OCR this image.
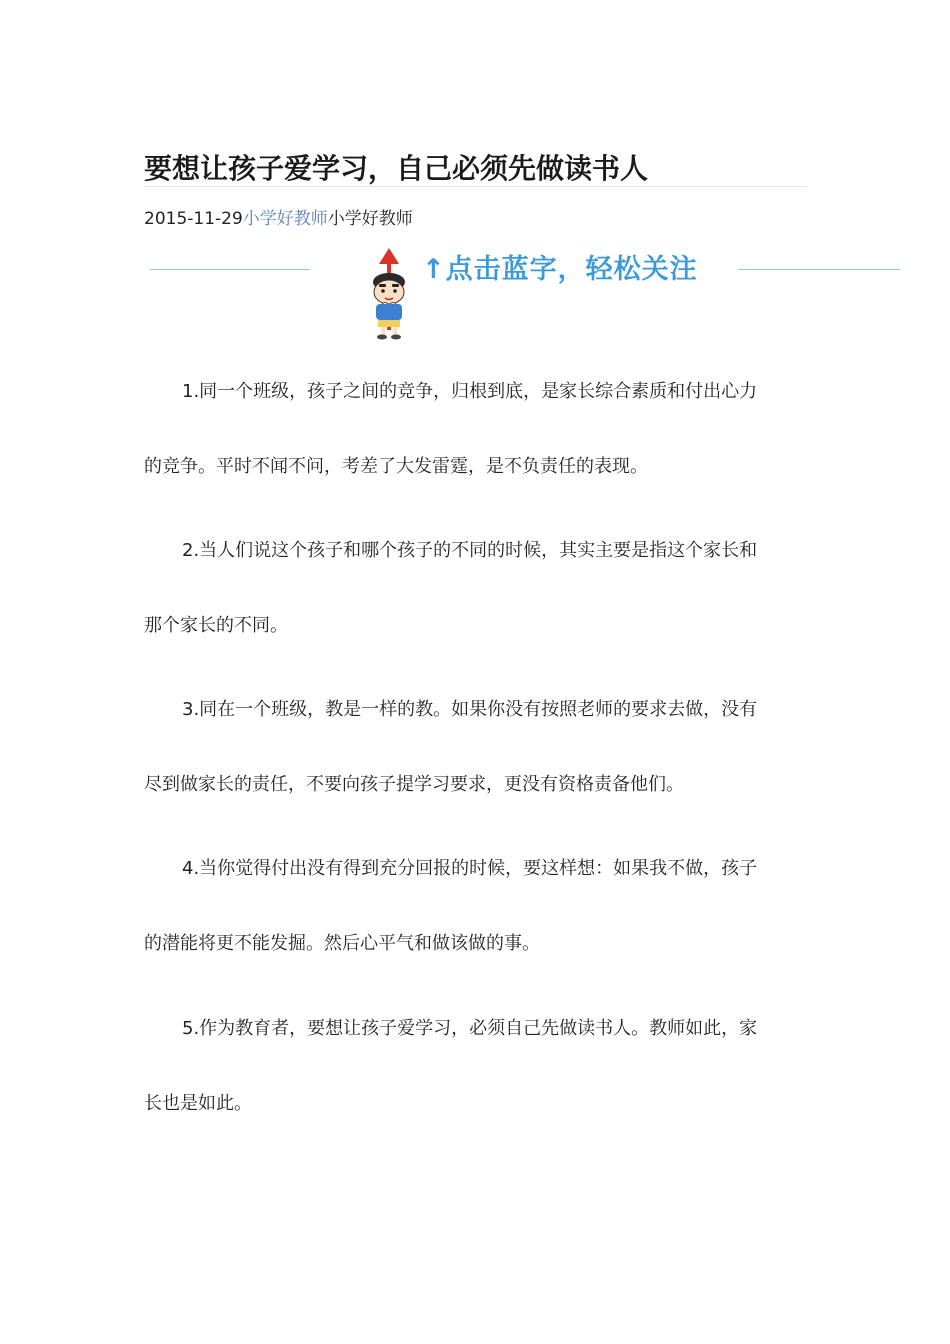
要想让孩子爱学习，自己必须先做读书人
2015-11-29小学好教师小学好教师
↑点击蓝字，轻松关注
1.同一个班级，孩子之间的竞争，归根到底，是家长综合素质和付出心力
的竞争。平时不闻不问，考差了大发雷霆，是不负责任的表现。
2.当人们说这个孩子和哪个孩子的不同的时候，其实主要是指这个家长和
那个家长的不同。
3.同在一个班级，教是一样的教。如果你没有按照老师的要求去做，没有
尽到做家长的责任，不要向孩子提学习要求，更没有资格责备他们。
4.当你觉得付出没有得到充分回报的时候，要这样想：如果我不做，孩子
的潜能将更不能发掘。然后心平气和做该做的事。
5.作为教育者，要想让孩子爱学习，必须自己先做读书人。教师如此，家
长也是如此。
